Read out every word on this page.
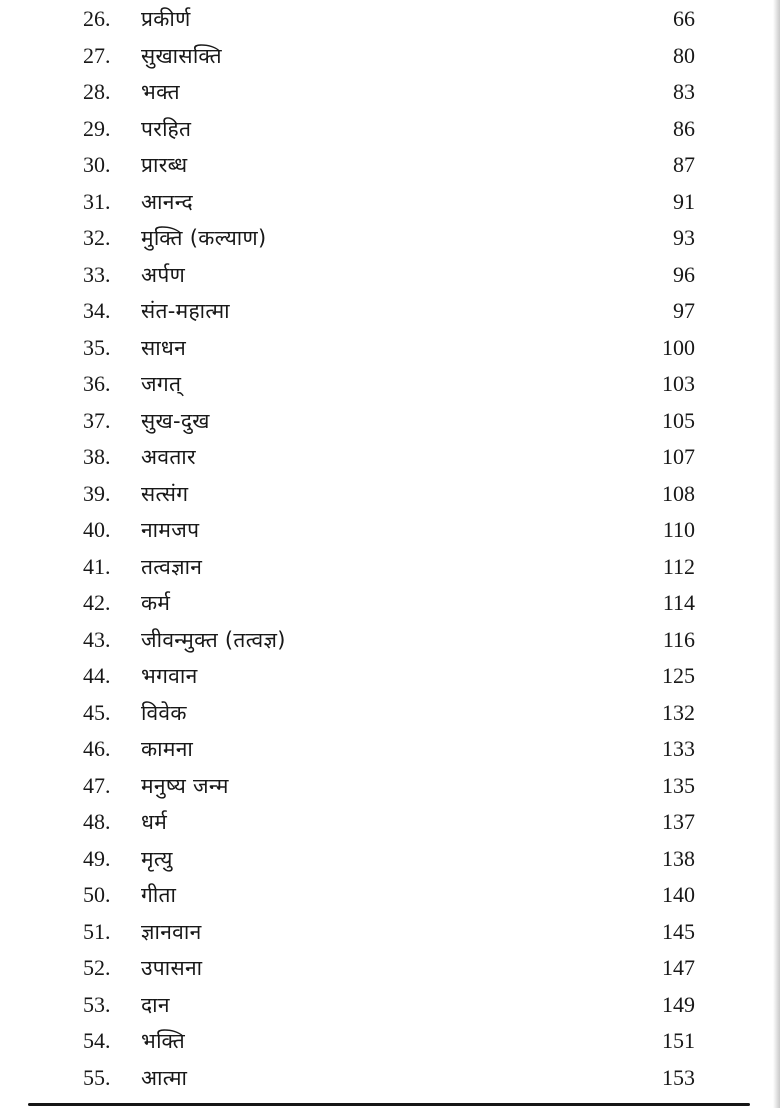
26.	प्रकीर्ण	66
27.	सुखासक्ति	80
28.	भक्त	83
29.	परहित	86
30.	प्रारब्ध	87
31.	आनन्द	91
32.	मुक्ति (कल्याण)	93
33.	अर्पण	96
34.	संत-महात्मा	97
35.	साधन	100
36.	जगत्	103
37.	सुख-दुख	105
38.	अवतार	107
39.	सत्संग	108
40.	नामजप	110
41.	तत्वज्ञान	112
42.	कर्म	114
43.	जीवन्मुक्त (तत्वज्ञ)	116
44.	भगवान	125
45.	विवेक	132
46.	कामना	133
47.	मनुष्य जन्म	135
48.	धर्म	137
49.	मृत्यु	138
50.	गीता	140
51.	ज्ञानवान	145
52.	उपासना	147
53.	दान	149
54.	भक्ति	151
55.	आत्मा	153
